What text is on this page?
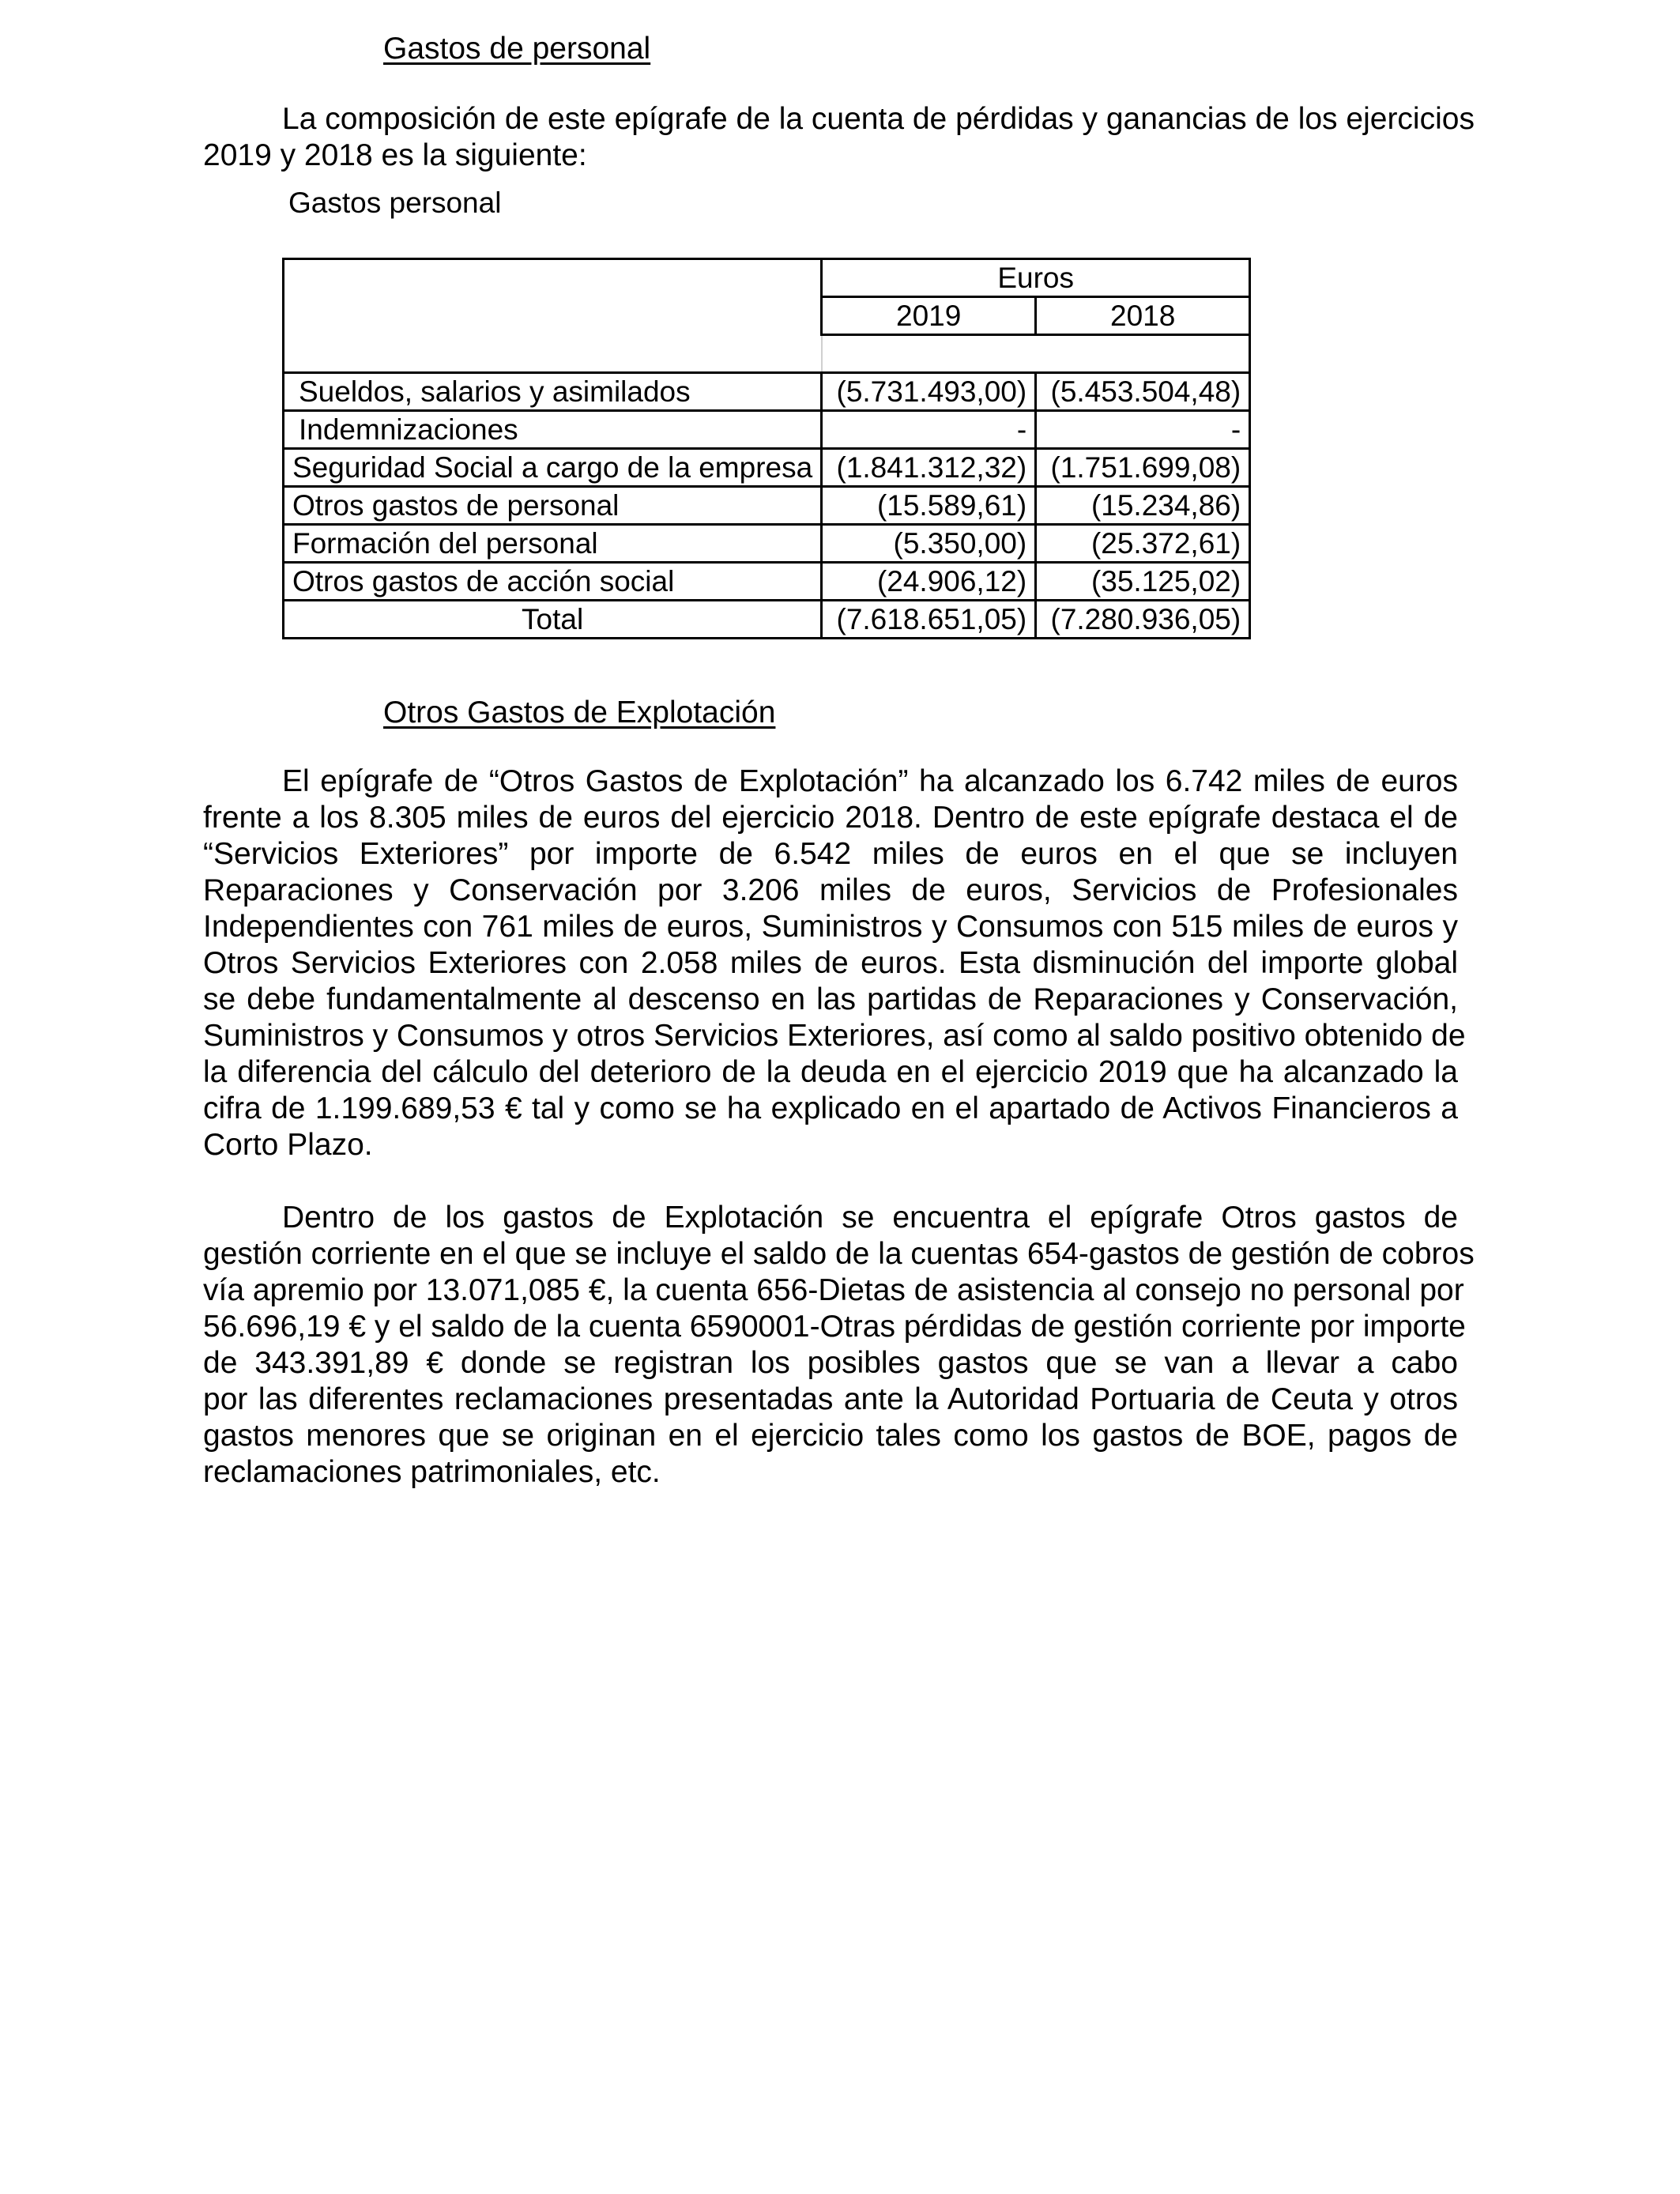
Gastos de personal
La composición de este epígrafe de la cuenta de pérdidas y ganancias de los ejercicios
2019 y 2018 es la siguiente:

Gastos personal

	Euros	
	2019	2018

Sueldos, salarios y asimilados	(5.731.493,00)	(5.453.504,48)
Indemnizaciones	-	-
Seguridad Social a cargo de la empresa	(1.841.312,32)	(1.751.699,08)
Otros gastos de personal	(15.589,61)	(15.234,86)
Formación del personal	(5.350,00)	(25.372,61)
Otros gastos de acción social	(24.906,12)	(35.125,02)
Total	(7.618.651,05)	(7.280.936,05)
Otros Gastos de Explotación
El epígrafe de “Otros Gastos de Explotación” ha alcanzado los 6.742 miles de euros
frente a los 8.305 miles de euros del ejercicio 2018. Dentro de este epígrafe destaca el de
“Servicios Exteriores” por importe de 6.542 miles de euros en el que se incluyen
Reparaciones y Conservación por 3.206 miles de euros, Servicios de Profesionales
Independientes con 761 miles de euros, Suministros y Consumos con 515 miles de euros y
Otros Servicios Exteriores con 2.058 miles de euros. Esta disminución del importe global
se debe fundamentalmente al descenso en las partidas de Reparaciones y Conservación,
Suministros y Consumos y otros Servicios Exteriores, así como al saldo positivo obtenido de
la diferencia del cálculo del deterioro de la deuda en el ejercicio 2019 que ha alcanzado la
cifra de 1.199.689,53 € tal y como se ha explicado en el apartado de Activos Financieros a
Corto Plazo.
Dentro de los gastos de Explotación se encuentra el epígrafe Otros gastos de
gestión corriente en el que se incluye el saldo de la cuentas 654-gastos de gestión de cobros
vía apremio por 13.071,085 €, la cuenta 656-Dietas de asistencia al consejo no personal por
56.696,19 € y el saldo de la cuenta 6590001-Otras pérdidas de gestión corriente por importe
de 343.391,89 € donde se registran los posibles gastos que se van a llevar a cabo
por las diferentes reclamaciones presentadas ante la Autoridad Portuaria de Ceuta y otros
gastos menores que se originan en el ejercicio tales como los gastos de BOE, pagos de
reclamaciones patrimoniales, etc.
